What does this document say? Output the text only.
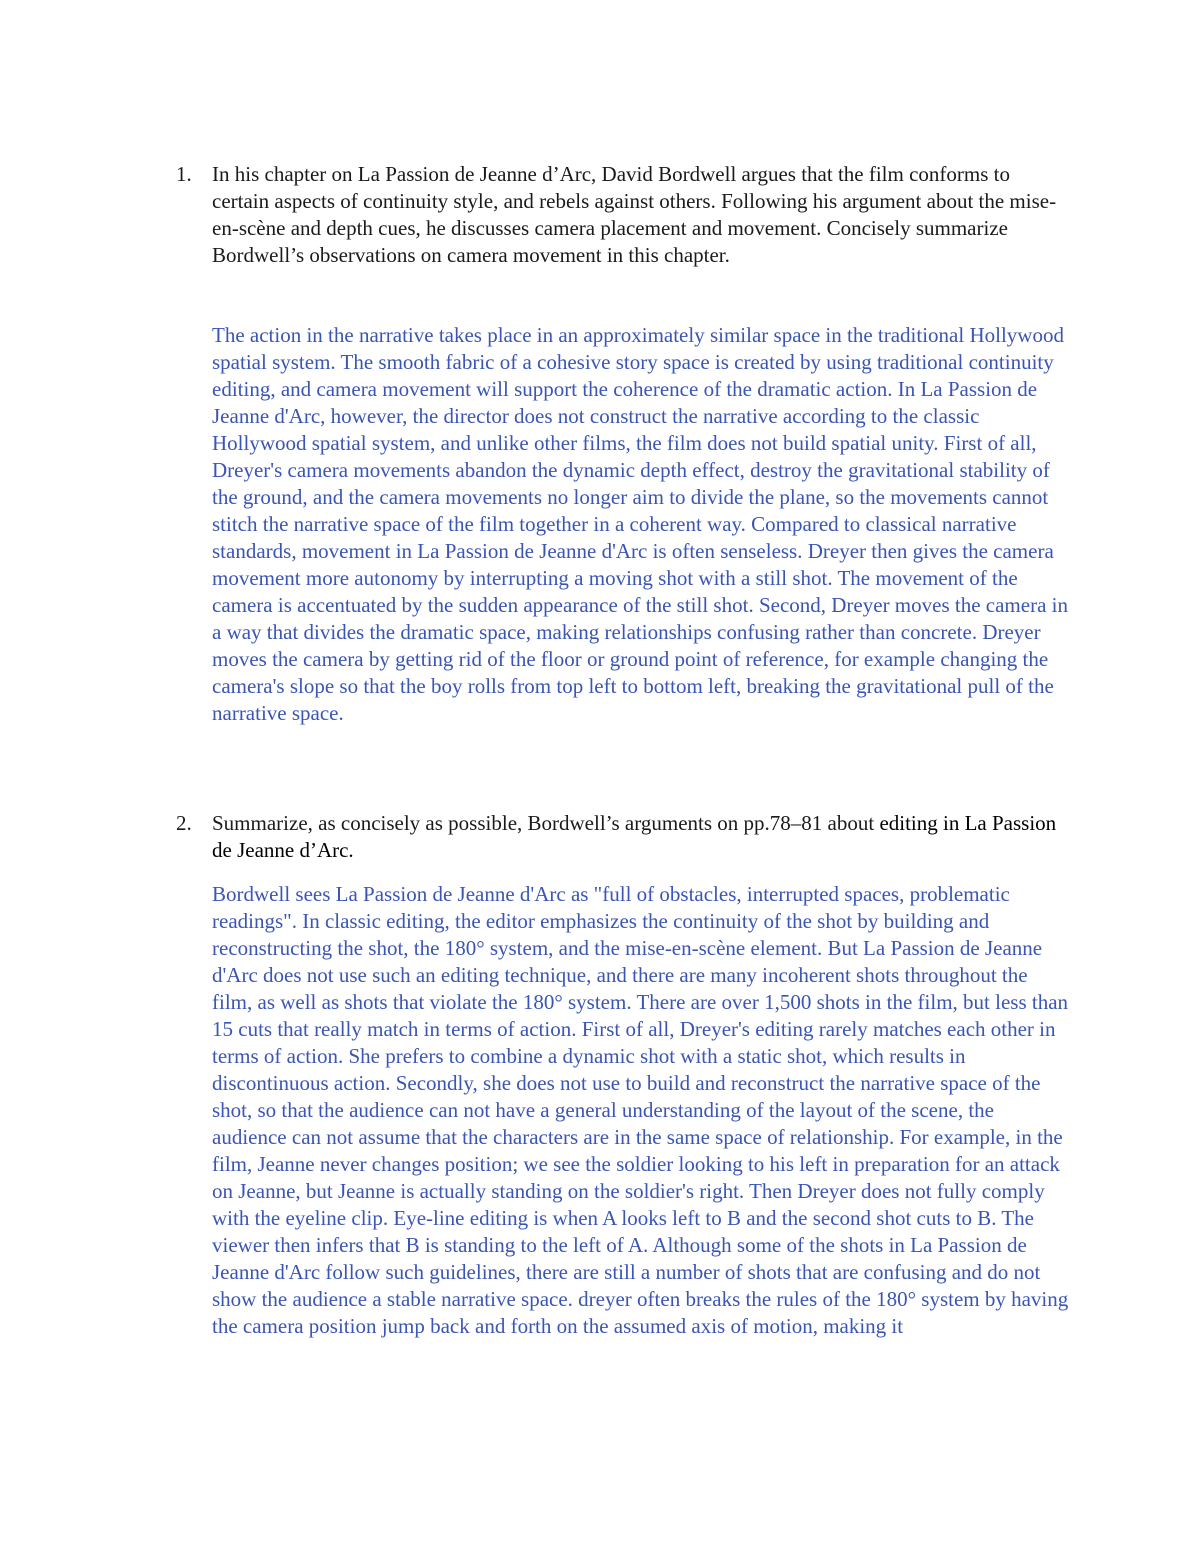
1. In his chapter on La Passion de Jeanne d’Arc, David Bordwell argues that the film conforms to certain aspects of continuity style, and rebels against others. Following his argument about the mise-en-scène and depth cues, he discusses camera placement and movement. Concisely summarize Bordwell’s observations on camera movement in this chapter.
The action in the narrative takes place in an approximately similar space in the traditional Hollywood spatial system. The smooth fabric of a cohesive story space is created by using traditional continuity editing, and camera movement will support the coherence of the dramatic action. In La Passion de Jeanne d'Arc, however, the director does not construct the narrative according to the classic Hollywood spatial system, and unlike other films, the film does not build spatial unity. First of all, Dreyer's camera movements abandon the dynamic depth effect, destroy the gravitational stability of the ground, and the camera movements no longer aim to divide the plane, so the movements cannot stitch the narrative space of the film together in a coherent way. Compared to classical narrative standards, movement in La Passion de Jeanne d'Arc is often senseless. Dreyer then gives the camera movement more autonomy by interrupting a moving shot with a still shot. The movement of the camera is accentuated by the sudden appearance of the still shot. Second, Dreyer moves the camera in a way that divides the dramatic space, making relationships confusing rather than concrete. Dreyer moves the camera by getting rid of the floor or ground point of reference, for example changing the camera's slope so that the boy rolls from top left to bottom left, breaking the gravitational pull of the narrative space.
2. Summarize, as concisely as possible, Bordwell’s arguments on pp.78–81 about editing in La Passion de Jeanne d’Arc.
Bordwell sees La Passion de Jeanne d'Arc as "full of obstacles, interrupted spaces, problematic readings". In classic editing, the editor emphasizes the continuity of the shot by building and reconstructing the shot, the 180° system, and the mise-en-scène element. But La Passion de Jeanne d'Arc does not use such an editing technique, and there are many incoherent shots throughout the film, as well as shots that violate the 180° system. There are over 1,500 shots in the film, but less than 15 cuts that really match in terms of action. First of all, Dreyer's editing rarely matches each other in terms of action. She prefers to combine a dynamic shot with a static shot, which results in discontinuous action. Secondly, she does not use to build and reconstruct the narrative space of the shot, so that the audience can not have a general understanding of the layout of the scene, the audience can not assume that the characters are in the same space of relationship. For example, in the film, Jeanne never changes position; we see the soldier looking to his left in preparation for an attack on Jeanne, but Jeanne is actually standing on the soldier's right. Then Dreyer does not fully comply with the eyeline clip. Eye-line editing is when A looks left to B and the second shot cuts to B. The viewer then infers that B is standing to the left of A. Although some of the shots in La Passion de Jeanne d'Arc follow such guidelines, there are still a number of shots that are confusing and do not show the audience a stable narrative space. dreyer often breaks the rules of the 180° system by having the camera position jump back and forth on the assumed axis of motion, making it
